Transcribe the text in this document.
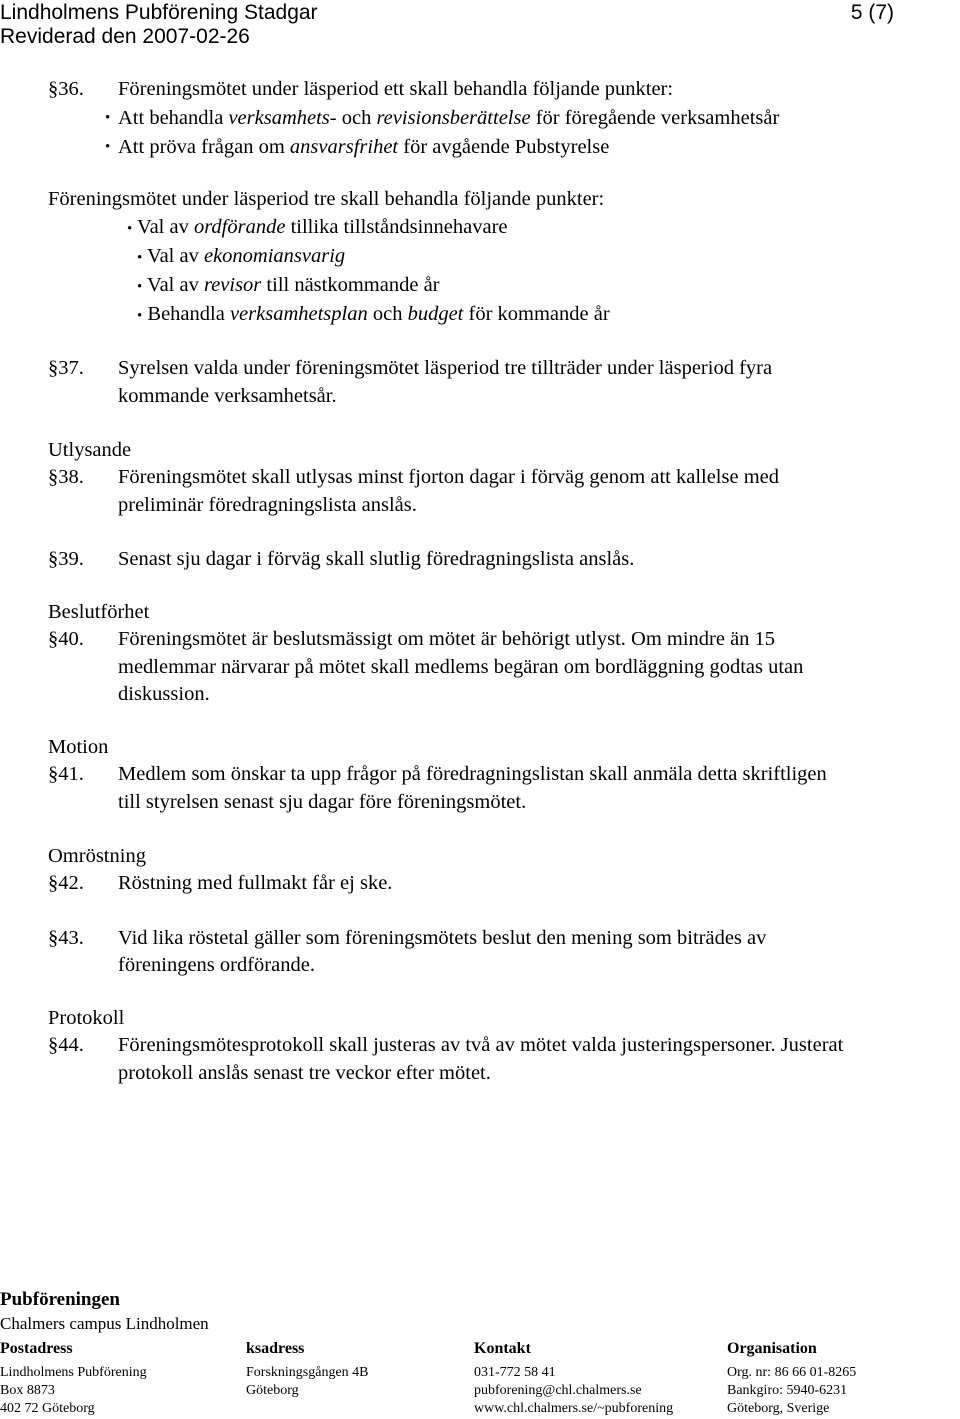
Lindholmens Pubförening Stadgar
Reviderad den 2007-02-26
5 (7)
§36. Föreningsmötet under läsperiod ett skall behandla följande punkter:
• Att behandla verksamhets- och revisionsberättelse för föregående verksamhetsår
• Att pröva frågan om ansvarsfrihet för avgående Pubstyrelse
Föreningsmötet under läsperiod tre skall behandla följande punkter:
• Val av ordförande tillika tillståndsinnehavare
• Val av ekonomiansvarig
• Val av revisor till nästkommande år
• Behandla verksamhetsplan och budget för kommande år
§37. Syrelsen valda under föreningsmötet läsperiod tre tillträder under läsperiod fyra
kommande verksamhetsår.
Utlysande
§38. Föreningsmötet skall utlysas minst fjorton dagar i förväg genom att kallelse med
preliminär föredragningslista anslås.
§39. Senast sju dagar i förväg skall slutlig föredragningslista anslås.
Beslutförhet
§40. Föreningsmötet är beslutsmässigt om mötet är behörigt utlyst. Om mindre än 15
medlemmar närvarar på mötet skall medlems begäran om bordläggning godtas utan
diskussion.
Motion
§41. Medlem som önskar ta upp frågor på föredragningslistan skall anmäla detta skriftligen
till styrelsen senast sju dagar före föreningsmötet.
Omröstning
§42. Röstning med fullmakt får ej ske.
§43. Vid lika röstetal gäller som föreningsmötets beslut den mening som biträdes av
föreningens ordförande.
Protokoll
§44. Föreningsmötesprotokoll skall justeras av två av mötet valda justeringspersoner. Justerat
protokoll anslås senast tre veckor efter mötet.
Pubföreningen
Chalmers campus Lindholmen
Postadress
Lindholmens Pubförening
Box 8873
402 72 Göteborg
ksadress
Forskningsgången 4B
Göteborg
Kontakt
031-772 58 41
pubforening@chl.chalmers.se
www.chl.chalmers.se/~pubforening
Organisation
Org. nr: 86 66 01-8265
Bankgiro: 5940-6231
Göteborg, Sverige
